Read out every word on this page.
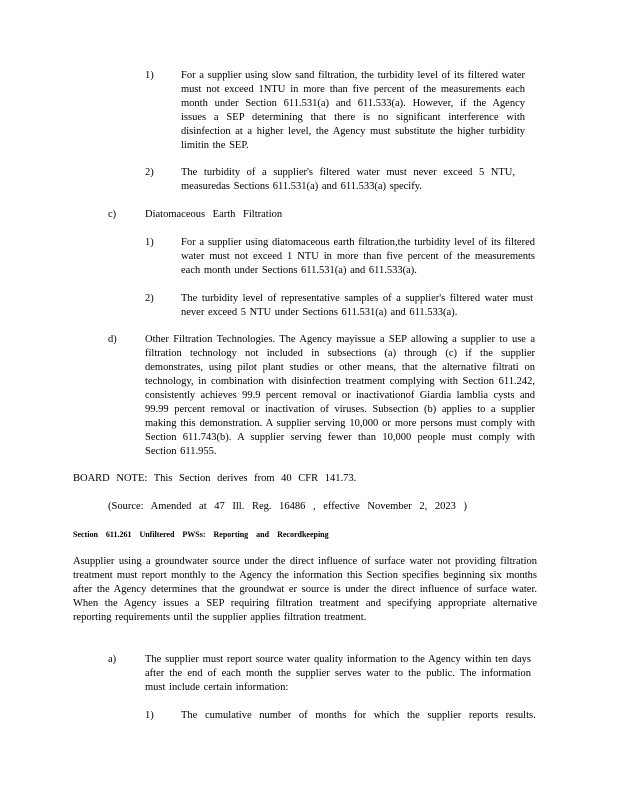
1)	For a supplier using slow sand filtration, the turbidity level of its filtered water must not exceed 1NTU in more than five percent of the measurements each month under Section 611.531(a) and 611.533(a). However, if the Agency issues a SEP determining that there is no significant interference with disinfection at a higher level, the Agency must substitute the higher turbidity limitin the SEP.
2)	The turbidity of a supplier's filtered water must never exceed 5 NTU, measuredas Sections 611.531(a) and 611.533(a) specify.
c)	Diatomaceous Earth Filtration
1)	For a supplier using diatomaceous earth filtration,the turbidity level of its filtered water must not exceed 1 NTU in more than five percent of the measurements each month under Sections 611.531(a) and 611.533(a).
2)	The turbidity level of representative samples of a supplier's filtered water must never exceed 5 NTU under Sections 611.531(a) and 611.533(a).
d)	Other Filtration Technologies. The Agency mayissue a SEP allowing a supplier to use a filtration technology not included in subsections (a) through (c) if the supplier demonstrates, using pilot plant studies or other means, that the alternative filtrati on technology, in combination with disinfection treatment complying with Section 611.242, consistently achieves 99.9 percent removal or inactivationof Giardia lamblia cysts and 99.99 percent removal or inactivation of viruses. Subsection (b) applies to a supplier making this demonstration. A supplier serving 10,000 or more persons must comply with Section 611.743(b). A supplier serving fewer than 10,000 people must comply with Section 611.955.
BOARD NOTE: This Section derives from 40 CFR 141.73.
(Source: Amended at 47 Ill. Reg. 16486 , effective November 2, 2023 )
Section 611.261 Unfiltered PWSs: Reporting and Recordkeeping
Asupplier using a groundwater source under the direct influence of surface water not providing filtration treatment must report monthly to the Agency the information this Section specifies beginning six months after the Agency determines that the groundwat er source is under the direct influence of surface water. When the Agency issues a SEP requiring filtration treatment and specifying appropriate alternative reporting requirements until the supplier applies filtration treatment.
a)	The supplier must report source water quality information to the Agency within ten days after the end of each month the supplier serves water to the public. The information must include certain information:
1)	The cumulative number of months for which the supplier reports results.
